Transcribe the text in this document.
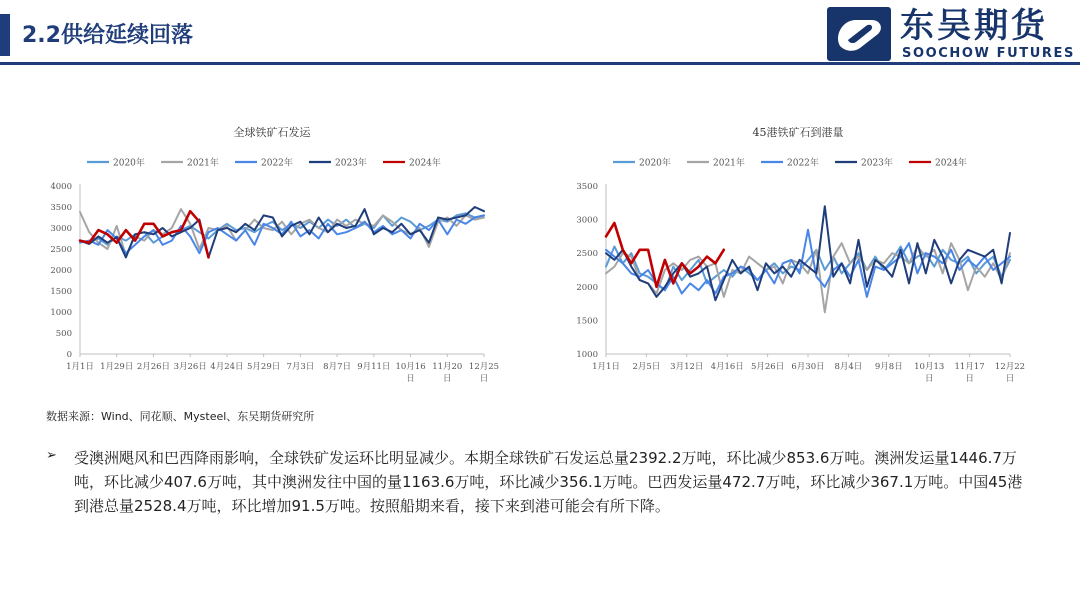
2.2供给延续回落	东吴期货
SOOCHOW FUTURES
全球铁矿石发运
2020年	2021年	2022年	2023年	2024年
0
500
1000
1500
2000
2500
3000
3500
4000
1月1日 1月29日 2月26日 3月26日 4月24日 5月29日 7月3日 8月7日 9月11日 10月16 日
11月20 日
12月25 日
45港铁矿石到港量
2020年	2021年	2022年	2023年	2024年
1000
1500
2000
2500
3000
3500
1月1日 2月5日 3月12日 4月16日 5月26日 6月30日 8月4日 9月8日 10月13 日
11月17 日
12月22 日
数据来源：Wind、同花顺、Mysteel、东吴期货研究所
➢ 受澳洲飓风和巴西降雨影响，全球铁矿发运环比明显减少。本期全球铁矿石发运总量2392.2万吨，环比减少853.6万吨。澳洲发运量1446.7万吨，环比减少407.6万吨，其中澳洲发往中国的量1163.6万吨，环比减少356.1万吨。巴西发运量472.7万吨，环比减少367.1万吨。中国45港到港总量2528.4万吨，环比增加91.5万吨。按照船期来看，接下来到港可能会有所下降。
